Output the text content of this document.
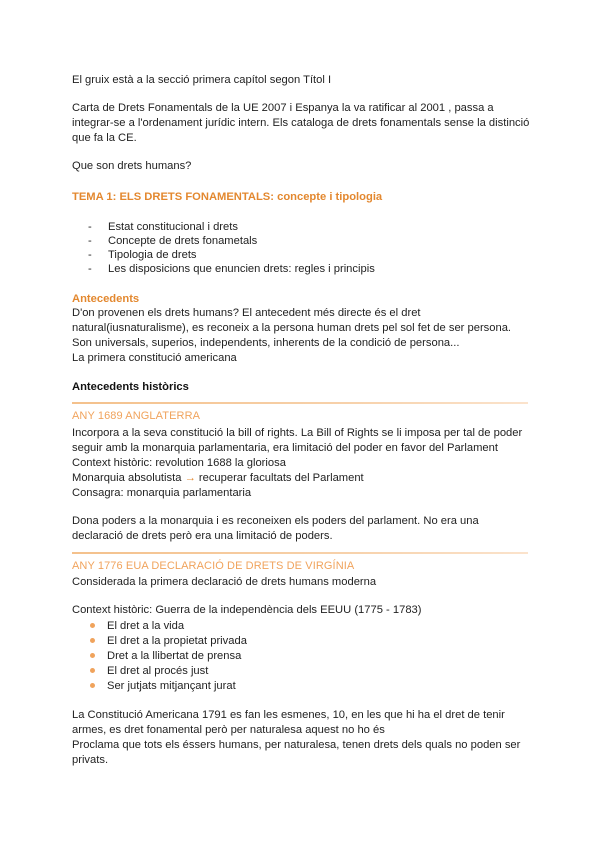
El gruix està a la secció primera capítol segon Títol I
Carta de Drets Fonamentals de la UE 2007 i Espanya la va ratificar al 2001 , passa a
integrar-se a l'ordenament jurídic intern. Els cataloga de drets fonamentals sense la distinció
que fa la CE.
Que son drets humans?
TEMA 1: ELS DRETS FONAMENTALS: concepte i tipologia
- Estat constitucional i drets
- Concepte de drets fonametals
- Tipologia de drets
- Les disposicions que enuncien drets: regles i principis
Antecedents
D'on provenen els drets humans? El antecedent més directe és el dret
natural(iusnaturalisme), es reconeix a la persona human drets pel sol fet de ser persona.
Son universals, superios, independents, inherents de la condició de persona...
La primera constitució americana
Antecedents històrics
ANY 1689 ANGLATERRA
Incorpora a la seva constitució la bill of rights. La Bill of Rights se li imposa per tal de poder
seguir amb la monarquia parlamentaria, era limitació del poder en favor del Parlament
Context històric: revolution 1688 la gloriosa
Monarquia absolutista → recuperar facultats del Parlament
Consagra: monarquia parlamentaria
Dona poders a la monarquia i es reconeixen els poders del parlament. No era una
declaració de drets però era una limitació de poders.
ANY 1776 EUA DECLARACIÓ DE DRETS DE VIRGÍNIA
Considerada la primera declaració de drets humans moderna
Context històric: Guerra de la independència dels EEUU (1775 - 1783)
El dret a la vida
El dret a la propietat privada
Dret a la llibertat de prensa
El dret al procés just
Ser jutjats mitjançant jurat
La Constitució Americana 1791 es fan les esmenes, 10, en les que hi ha el dret de tenir
armes, es dret fonamental però per naturalesa aquest no ho és
Proclama que tots els éssers humans, per naturalesa, tenen drets dels quals no poden ser
privats.
